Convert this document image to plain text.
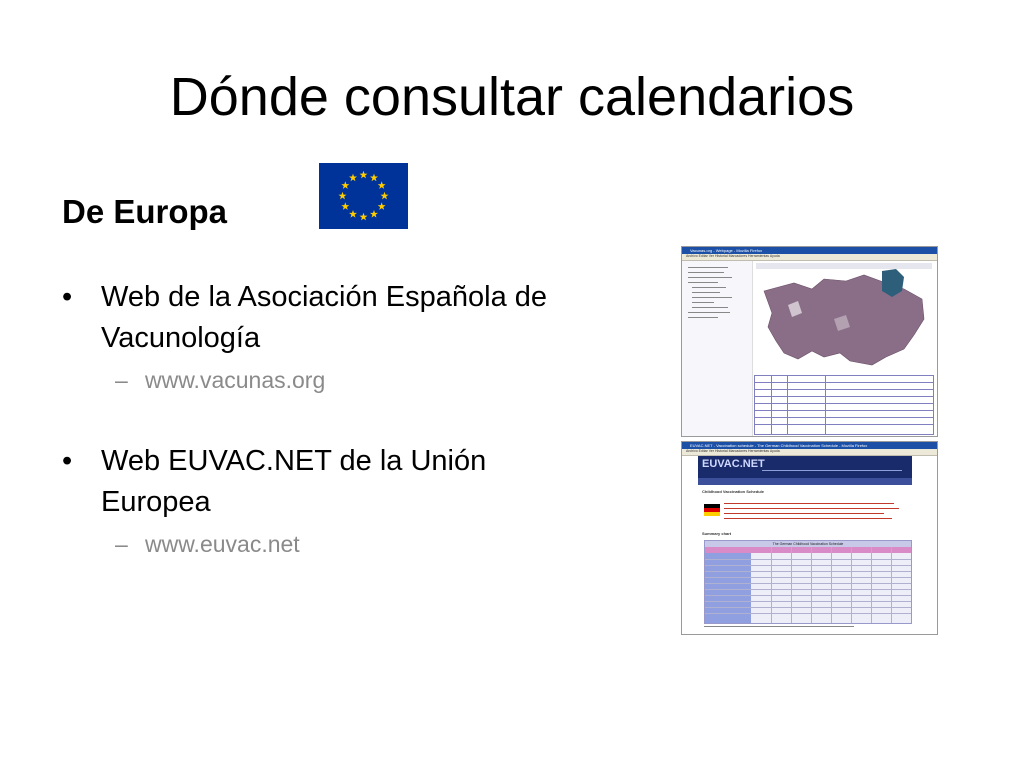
Dónde consultar calendarios
De Europa
• Web de la Asociación Española de
Vacunología
– www.vacunas.org
• Web EUVAC.NET de la Unión
Europea
– www.euvac.net
Vacunas.org - Webpage - Mozilla Firefox
Archivo Editar Ver Historial Marcadores Herramientas Ayuda
EUVAC.NET - Vaccination schedule - The German Childhood Vaccination Schedule - Mozilla Firefox
Archivo Editar Ver Historial Marcadores Herramientas Ayuda
EUVAC.NET
Childhood Vaccination Schedule
Summary chart
The German Childhood Vaccination Schedule
